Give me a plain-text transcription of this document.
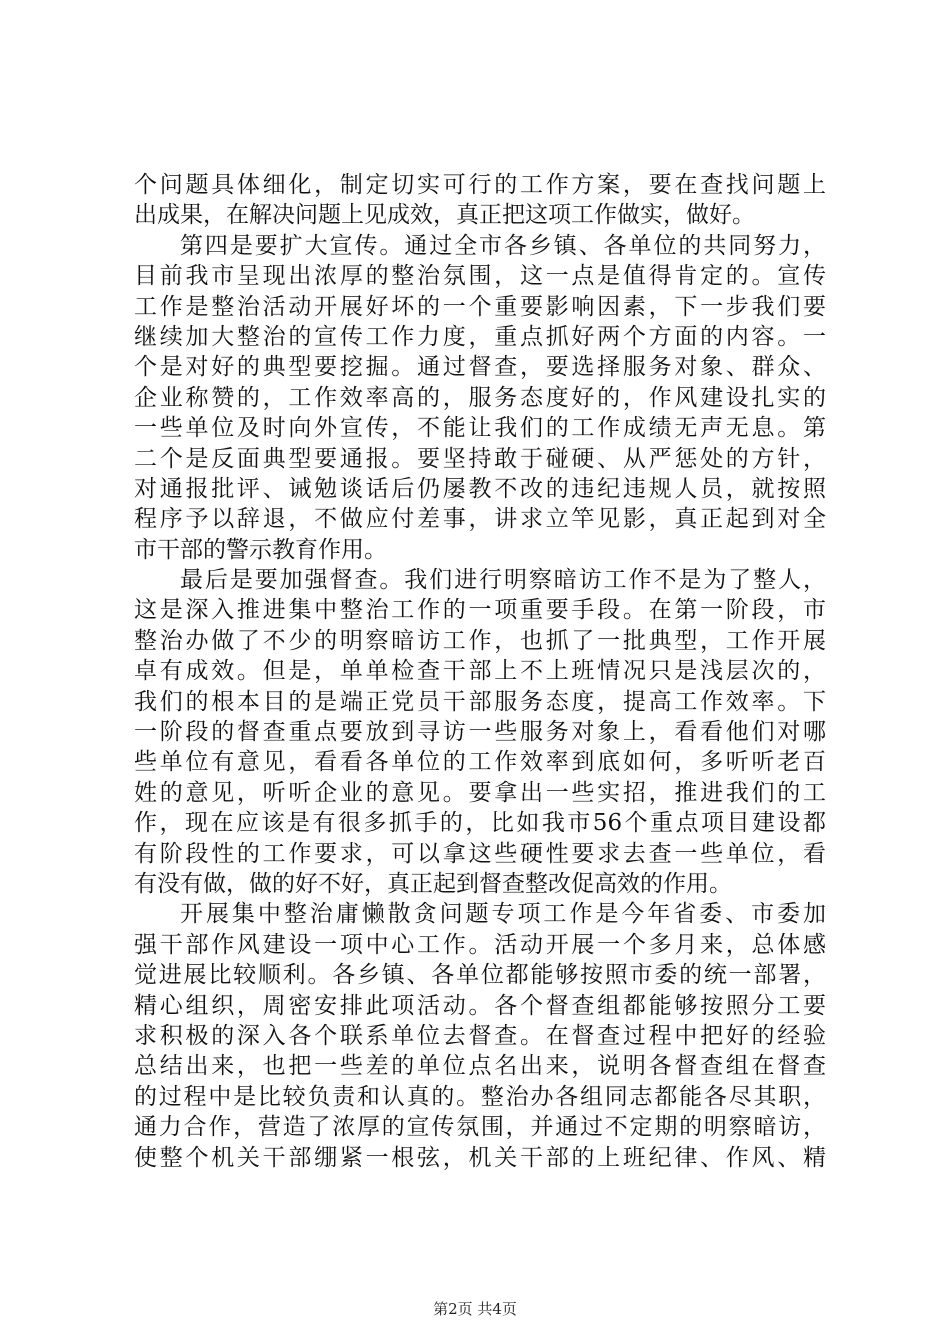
个问题具体细化，制定切实可行的工作方案，要在查找问题上
出成果，在解决问题上见成效，真正把这项工作做实，做好。
第四是要扩大宣传。通过全市各乡镇、各单位的共同努力，
目前我市呈现出浓厚的整治氛围，这一点是值得肯定的。宣传
工作是整治活动开展好坏的一个重要影响因素，下一步我们要
继续加大整治的宣传工作力度，重点抓好两个方面的内容。一
个是对好的典型要挖掘。通过督查，要选择服务对象、群众、
企业称赞的，工作效率高的，服务态度好的，作风建设扎实的
一些单位及时向外宣传，不能让我们的工作成绩无声无息。第
二个是反面典型要通报。要坚持敢于碰硬、从严惩处的方针，
对通报批评、诫勉谈话后仍屡教不改的违纪违规人员，就按照
程序予以辞退，不做应付差事，讲求立竿见影，真正起到对全
市干部的警示教育作用。
最后是要加强督查。我们进行明察暗访工作不是为了整人，
这是深入推进集中整治工作的一项重要手段。在第一阶段，市
整治办做了不少的明察暗访工作，也抓了一批典型，工作开展
卓有成效。但是，单单检查干部上不上班情况只是浅层次的，
我们的根本目的是端正党员干部服务态度，提高工作效率。下
一阶段的督查重点要放到寻访一些服务对象上，看看他们对哪
些单位有意见，看看各单位的工作效率到底如何，多听听老百
姓的意见，听听企业的意见。要拿出一些实招，推进我们的工
作，现在应该是有很多抓手的，比如我市56个重点项目建设都
有阶段性的工作要求，可以拿这些硬性要求去查一些单位，看
有没有做，做的好不好，真正起到督查整改促高效的作用。
开展集中整治庸懒散贪问题专项工作是今年省委、市委加
强干部作风建设一项中心工作。活动开展一个多月来，总体感
觉进展比较顺利。各乡镇、各单位都能够按照市委的统一部署，
精心组织，周密安排此项活动。各个督查组都能够按照分工要
求积极的深入各个联系单位去督查。在督查过程中把好的经验
总结出来，也把一些差的单位点名出来，说明各督查组在督查
的过程中是比较负责和认真的。整治办各组同志都能各尽其职，
通力合作，营造了浓厚的宣传氛围，并通过不定期的明察暗访，
使整个机关干部绷紧一根弦，机关干部的上班纪律、作风、精
第2页 共4页
